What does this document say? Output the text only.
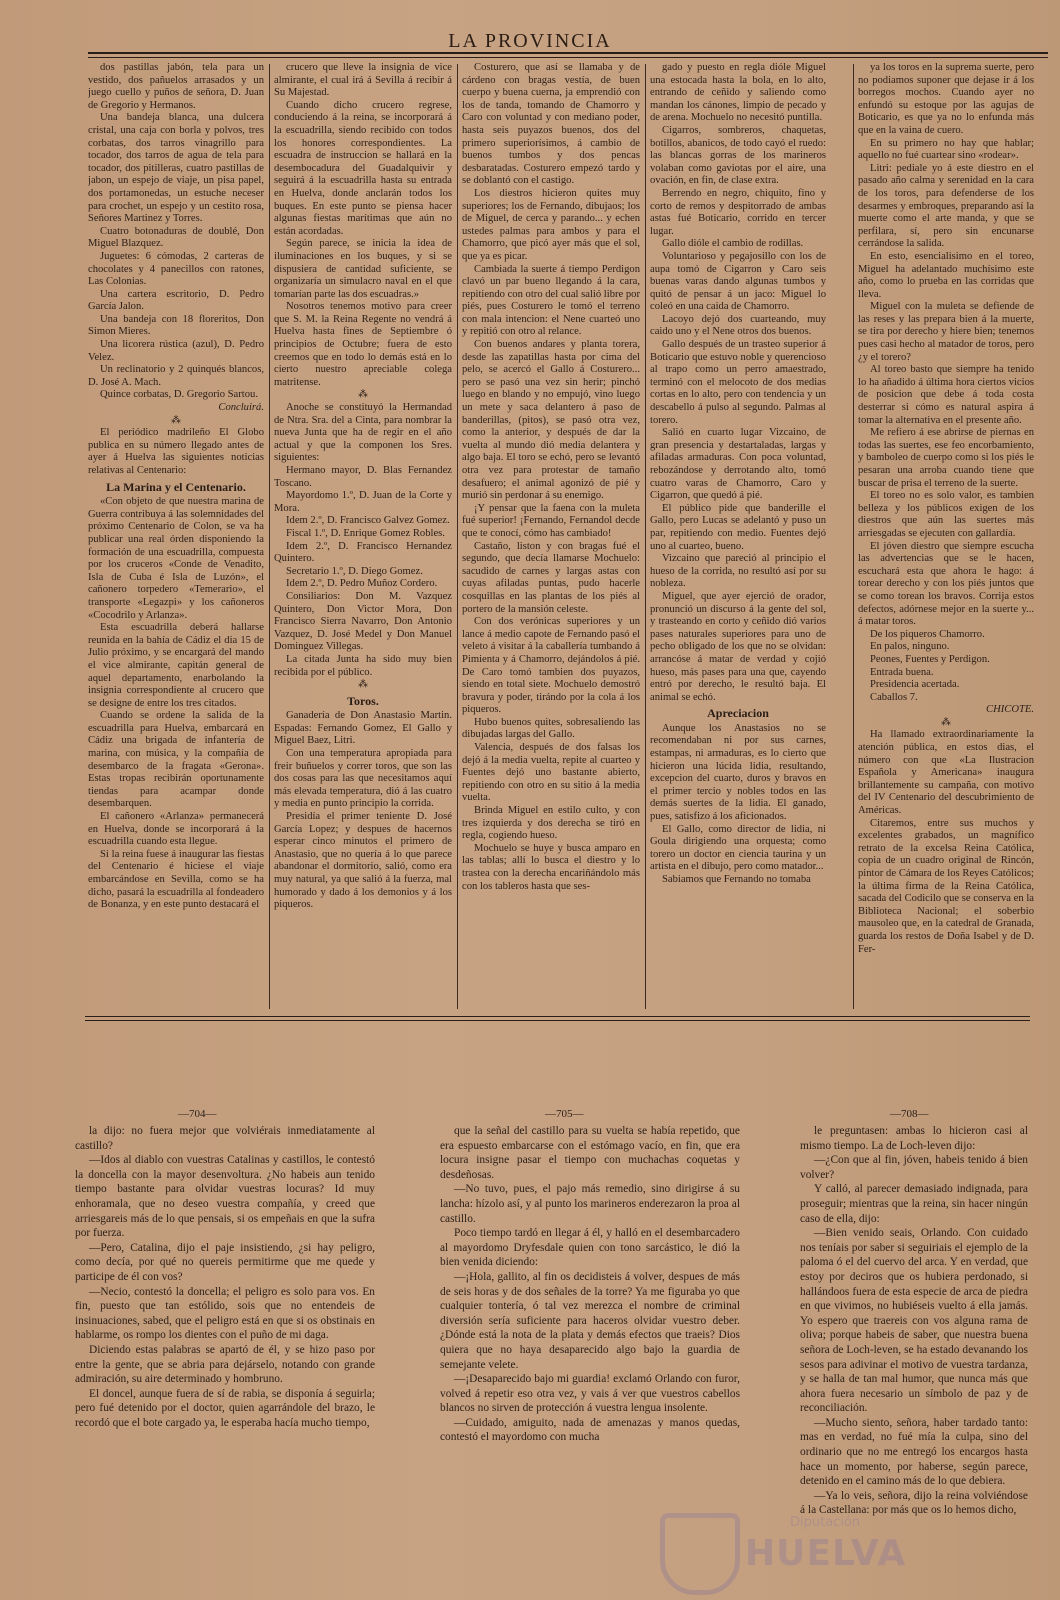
LA PROVINCIA

dos pastillas jabón, tela para un vestido, dos pañuelos arrasados y un juego cuello y puños de señora, D. Juan de Gregorio y Hermanos.

Una bandeja blanca, una dulcera cristal, una caja con borla y polvos, tres corbatas, dos tarros vinagrillo para tocador, dos tarros de agua de tela para tocador, dos pitilleras, cuatro pastillas de jabon, un espejo de viaje, un pisa papel, dos portamonedas, un estuche neceser para crochet, un espejo y un cestito rosa, Señores Martinez y Torres.

Cuatro botonaduras de doublé, Don Miguel Blazquez.

Juguetes: 6 cómodas, 2 carteras de chocolates y 4 panecillos con ratones, Las Colonias.

Una cartera escritorio, D. Pedro García Jalon.

Una bandeja con 18 floreritos, Don Simon Mieres.

Una licorera rústica (azul), D. Pedro Velez.

Un reclinatorio y 2 quinqués blancos, D. José A. Mach.

Quince corbatas, D. Gregorio Sartou.

Concluirá.

⁂

El periódico madrileño El Globo publica en su número llegado antes de ayer á Huelva las siguientes noticias relativas al Centenario:

La Marina y el Centenario.

«Con objeto de que nuestra marina de Guerra contribuya á las solemnidades del próximo Centenario de Colon, se va ha publicar una real órden disponiendo la formación de una escuadrilla, compuesta por los cruceros «Conde de Venadito, Isla de Cuba é Isla de Luzón», el cañonero torpedero «Temerario», el transporte «Legazpi» y los cañoneros «Cocodrilo y Arlanza».

Esta escuadrilla deberá hallarse reunida en la bahía de Cádiz el dia 15 de Julio próximo, y se encargará del mando el vice almirante, capitán general de aquel departamento, enarbolando la insignia correspondiente al crucero que se designe de entre los tres citados.

Cuando se ordene la salida de la escuadrilla para Huelva, embarcará en Cádiz una brigada de infantería de marina, con música, y la compañía de desembarco de la fragata «Gerona». Estas tropas recibirán oportunamente tiendas para acampar donde desembarquen.

El cañonero «Arlanza» permanecerá en Huelva, donde se incorporará á la escuadrilla cuando esta llegue.

Si la reina fuese á inaugurar las fiestas del Centenario é hiciese el viaje embarcándose en Sevilla, como se ha dicho, pasará la escuadrilla al fondeadero de Bonanza, y en este punto destacará el

crucero que lleve la insignia de vice almirante, el cual irá á Sevilla á recibir á Su Majestad.

Cuando dicho crucero regrese, conduciendo á la reina, se incorporará á la escuadrilla, siendo recibido con todos los honores correspondientes. La escuadra de instruccion se hallará en la desembocadura del Guadalquivir y seguirá á la escuadrilla hasta su entrada en Huelva, donde anclarán todos los buques. En este punto se piensa hacer algunas fiestas marítimas que aún no están acordadas.

Según parece, se inicia la idea de iluminaciones en los buques, y si se dispusiera de cantidad suficiente, se organizaría un simulacro naval en el que tomarían parte las dos escuadras.»

Nosotros tenemos motivo para creer que S. M. la Reina Regente no vendrá á Huelva hasta fines de Septiembre ó principios de Octubre; fuera de esto creemos que en todo lo demás está en lo cierto nuestro apreciable colega matritense.

⁂

Anoche se constituyó la Hermandad de Ntra. Sra. del a Cinta, para nombrar la nueva Junta que ha de regir en el año actual y que la componen los Sres. siguientes:

Hermano mayor, D. Blas Fernandez Toscano.

Mayordomo 1.º, D. Juan de la Corte y Mora.

Idem 2.º, D. Francisco Galvez Gomez.

Fiscal 1.º, D. Enrique Gomez Robles.

Idem 2.º, D. Francisco Hernandez Quintero.

Secretario 1.º, D. Diego Gomez.

Idem 2.º, D. Pedro Muñoz Cordero.

Consiliarios: Don M. Vazquez Quintero, Don Victor Mora, Don Francisco Sierra Navarro, Don Antonio Vazquez, D. José Medel y Don Manuel Dominguez Villegas.

La citada Junta ha sido muy bien recibida por el público.

⁂

Toros.

Ganadería de Don Anastasio Martin. Espadas: Fernando Gomez, El Gallo y Miguel Baez, Litri.

Con una temperatura apropiada para freir buñuelos y correr toros, que son las dos cosas para las que necesitamos aquí más elevada temperatura, dió á las cuatro y media en punto principio la corrida.

Presidía el primer teniente D. José García Lopez; y despues de hacernos esperar cinco minutos el primero de Anastasio, que no quería á lo que parece abandonar el dormitorio, salió, como era muy natural, ya que salió á la fuerza, mal humorado y dado á los demonios y á los piqueros.

Costurero, que así se llamaba y de cárdeno con bragas vestía, de buen cuerpo y buena cuerna, ja emprendió con los de tanda, tomando de Chamorro y Caro con voluntad y con mediano poder, hasta seis puyazos buenos, dos del primero superiorísimos, á cambio de buenos tumbos y dos pencas desbaratadas. Costurero empezó tardo y se doblantó con el castigo.

Los diestros hicieron quites muy superiores; los de Fernando, dibujaos; los de Miguel, de cerca y parando... y echen ustedes palmas para ambos y para el Chamorro, que picó ayer más que el sol, que ya es picar.

Cambiada la suerte á tiempo Perdigon clavó un par bueno llegando á la cara, repitiendo con otro del cual salió libre por piés, pues Costurero le tomó el terreno con mala intencion: el Nene cuarteó uno y repitió con otro al relance.

Con buenos andares y planta torera, desde las zapatillas hasta por cima del pelo, se acercó el Gallo á Costurero... pero se pasó una vez sin herir; pinchó luego en blando y no empujó, vino luego un mete y saca delantero á paso de banderillas, (pitos), se pasó otra vez, como la anterior, y después de dar la vuelta al mundo dió media delantera y algo baja. El toro se echó, pero se levantó otra vez para protestar de tamaño desafuero; el animal agonizó de pié y murió sin perdonar á su enemigo.

¡Y pensar que la faena con la muleta fué superior! ¡Fernando, Fernandol decde que te conocí, cómo has cambiado!

Castaño, liston y con bragas fué el segundo, que decía llamarse Mochuelo: sacudido de carnes y largas astas con cuyas afiladas puntas, pudo hacerle cosquillas en las plantas de los piés al portero de la mansión celeste.

Con dos verónicas superiores y un lance á medio capote de Fernando pasó el veleto á visitar á la caballería tumbando á Pimienta y á Chamorro, dejándolos á pié. De Caro tomó tambien dos puyazos, siendo en total siete. Mochuelo demostró bravura y poder, tirándo por la cola á los piqueros.

Hubo buenos quites, sobresaliendo las dibujadas largas del Gallo.

Valencia, después de dos falsas los dejó á la media vuelta, repite al cuarteo y Fuentes dejó uno bastante abierto, repitiendo con otro en su sitio á la media vuelta.

Brinda Miguel en estilo culto, y con tres izquierda y dos derecha se tiró en regla, cogiendo hueso.

Mochuelo se huye y busca amparo en las tablas; allí lo busca el diestro y lo trastea con la derecha encariñándolo más con los tableros hasta que ses-

gado y puesto en regla dióle Miguel una estocada hasta la bola, en lo alto, entrando de ceñido y saliendo como mandan los cánones, limpio de pecado y de arena. Mochuelo no necesitó puntilla.

Cigarros, sombreros, chaquetas, botillos, abanicos, de todo cayó el ruedo: las blancas gorras de los marineros volaban como gaviotas por el aire, una ovación, en fin, de clase extra.

Berrendo en negro, chiquito, fino y corto de remos y despitorrado de ambas astas fué Boticario, corrido en tercer lugar.

Gallo dióle el cambio de rodillas.

Voluntarioso y pegajosillo con los de aupa tomó de Cigarron y Caro seis buenas varas dando algunas tumbos y quitó de pensar á un jaco: Miguel lo coleó en una caida de Chamorro.

Lacoyo dejó dos cuarteando, muy caido uno y el Nene otros dos buenos.

Gallo después de un trasteo superior á Boticario que estuvo noble y querencioso al trapo como un perro amaestrado, terminó con el melocoto de dos medias cortas en lo alto, pero con tendencia y un descabello á pulso al segundo. Palmas al torero.

Salió en cuarto lugar Vizcaino, de gran presencia y destartaladas, largas y afiladas armaduras. Con poca voluntad, rebozándose y derrotando alto, tomó cuatro varas de Chamorro, Caro y Cigarron, que quedó á pié.

El público pide que banderille el Gallo, pero Lucas se adelantó y puso un par, repitiendo con medio. Fuentes dejó uno al cuarteo, bueno.

Vizcaino que pareció al principio el hueso de la corrida, no resultó así por su nobleza.

Miguel, que ayer ejerció de orador, pronunció un discurso á la gente del sol, y trasteando en corto y ceñido dió varios pases naturales superiores para uno de pecho obligado de los que no se olvidan: arrancóse á matar de verdad y cojió hueso, más pases para una que, cayendo entró por derecho, le resultó baja. El animal se echó.

Apreciacion

Aunque los Anastasios no se recomendaban ni por sus carnes, estampas, ni armaduras, es lo cierto que hicieron una lúcida lidia, resultando, excepcion del cuarto, duros y bravos en el primer tercio y nobles todos en las demás suertes de la lidia. El ganado, pues, satisfizo á los aficionados.

El Gallo, como director de lidia, ni Goula dirigiendo una orquesta; como torero un doctor en ciencia taurina y un artista en el dibujo, pero como matador...

Sabiamos que Fernando no tomaba

ya los toros en la suprema suerte, pero no podiamos suponer que dejase ir á los borregos mochos. Cuando ayer no enfundó su estoque por las agujas de Boticario, es que ya no lo enfunda más que en la vaina de cuero.

En su primero no hay que hablar; aquello no fué cuartear sino «rodear».

Litri: pediale yo á este diestro en el pasado año calma y serenidad en la cara de los toros, para defenderse de los desarmes y embroques, preparando así la muerte como el arte manda, y que se perfilara, sí, pero sin encunarse cerrándose la salida.

En esto, esencialisimo en el toreo, Miguel ha adelantado muchísimo este año, como lo prueba en las corridas que lleva.

Miguel con la muleta se defiende de las reses y las prepara bien á la muerte, se tira por derecho y hiere bien; tenemos pues casi hecho al matador de toros, pero ¿y el torero?

Al toreo basto que siempre ha tenido lo ha añadido á última hora ciertos vicios de posicion que debe á toda costa desterrar si cómo es natural aspira á tomar la alternativa en el presente año.

Me refiero á ese abrirse de piernas en todas las suertes, ese feo encorbamiento, y bamboleo de cuerpo como si los piés le pesaran una arroba cuando tiene que buscar de prisa el terreno de la suerte.

El toreo no es solo valor, es tambien belleza y los públicos exigen de los diestros que aún las suertes más arriesgadas se ejecuten con gallardía.

El jóven diestro que siempre escucha las advertencias que se le hacen, escuchará esta que ahora le hago: á torear derecho y con los piés juntos que se como torean los bravos. Corrija estos defectos, adórnese mejor en la suerte y... á matar toros.

De los piqueros Chamorro.

En palos, ninguno.

Peones, Fuentes y Perdigon.

Entrada buena.

Presidencia acertada.

Caballos 7.

CHICOTE.

⁂

Ha llamado extraordinariamente la atención pública, en estos dias, el número con que «La Ilustracion Española y Americana» inaugura brillantemente su campaña, con motivo del IV Centenario del descubrimiento de Américas.

Citaremos, entre sus muchos y excelentes grabados, un magnífico retrato de la excelsa Reina Católica, copia de un cuadro original de Rincón, pintor de Cámara de los Reyes Católicos; la última firma de la Reina Católica, sacada del Codicilo que se conserva en la Biblioteca Nacional; el soberbio mausoleo que, en la catedral de Granada, guarda los restos de Doña Isabel y de D. Fer-

—704—	—705—	—708—

la dijo: no fuera mejor que volviérais inmediatamente al castillo?

—Idos al diablo con vuestras Catalinas y castillos, le contestó la doncella con la mayor desenvoltura. ¿No habeis aun tenido tiempo bastante para olvidar vuestras locuras? Id muy enhoramala, que no deseo vuestra compañía, y creed que arriesgareis más de lo que pensais, si os empeñais en que la sufra por fuerza.

—Pero, Catalina, dijo el paje insistiendo, ¿si hay peligro, como decía, por qué no quereis permitirme que me quede y participe de él con vos?

—Necio, contestó la doncella; el peligro es solo para vos. En fin, puesto que tan estólido, sois que no entendeis de insinuaciones, sabed, que el peligro está en que si os obstinais en hablarme, os rompo los dientes con el puño de mi daga.

Diciendo estas palabras se apartó de él, y se hizo paso por entre la gente, que se abria para dejárselo, notando con grande admiración, su aire determinado y hombruno.

El doncel, aunque fuera de sí de rabia, se disponía á seguirla; pero fué detenido por el doctor, quien agarrándole del brazo, le recordó que el bote cargado ya, le esperaba hacía mucho tiempo,

que la señal del castillo para su vuelta se había repetido, que era espuesto embarcarse con el estómago vacío, en fin, que era locura insigne pasar el tiempo con muchachas coquetas y desdeñosas.

—No tuvo, pues, el pajo más remedio, sino dirigirse á su lancha: hízolo así, y al punto los marineros enderezaron la proa al castillo.

Poco tiempo tardó en llegar á él, y halló en el desembarcadero al mayordomo Dryfesdale quien con tono sarcástico, le dió la bien venida diciendo:

—¡Hola, gallito, al fin os decidisteis á volver, despues de más de seis horas y de dos señales de la torre? Ya me figuraba yo que cualquier tontería, ó tal vez merezca el nombre de criminal diversión sería suficiente para haceros olvidar vuestro deber. ¿Dónde está la nota de la plata y demás efectos que traeis? Dios quiera que no haya desaparecido algo bajo la guardia de semejante velete.

—¡Desaparecido bajo mi guardia! exclamó Orlando con furor, volved á repetir eso otra vez, y vais á ver que vuestros cabellos blancos no sirven de protección á vuestra lengua insolente.

—Cuidado, amiguito, nada de amenazas y manos quedas, contestó el mayordomo con mucha

le preguntasen: ambas lo hicieron casi al mismo tiempo. La de Loch-leven dijo:

—¿Con que al fin, jóven, habeis tenido á bien volver?

Y calló, al parecer demasiado indignada, para proseguir; mientras que la reina, sin hacer ningún caso de ella, dijo:

—Bien venido seais, Orlando. Con cuidado nos teníais por saber si seguiriais el ejemplo de la paloma ó el del cuervo del arca. Y en verdad, que estoy por deciros que os hubiera perdonado, si hallándoos fuera de esta especie de arca de piedra en que vivimos, no hubiéseis vuelto á ella jamás. Yo espero que traereis con vos alguna rama de oliva; porque habeis de saber, que nuestra buena señora de Loch-leven, se ha estado devanando los sesos para adivinar el motivo de vuestra tardanza, y se halla de tan mal humor, que nunca más que ahora fuera necesario un símbolo de paz y de reconciliación.

—Mucho siento, señora, haber tardado tanto: mas en verdad, no fué mía la culpa, sino del ordinario que no me entregó los encargos hasta hace un momento, por haberse, según parece, detenido en el camino más de lo que debiera.

—Ya lo veis, señora, dijo la reina volviéndose á la Castellana: por más que os lo hemos dicho,

Diputación
HUELVA
